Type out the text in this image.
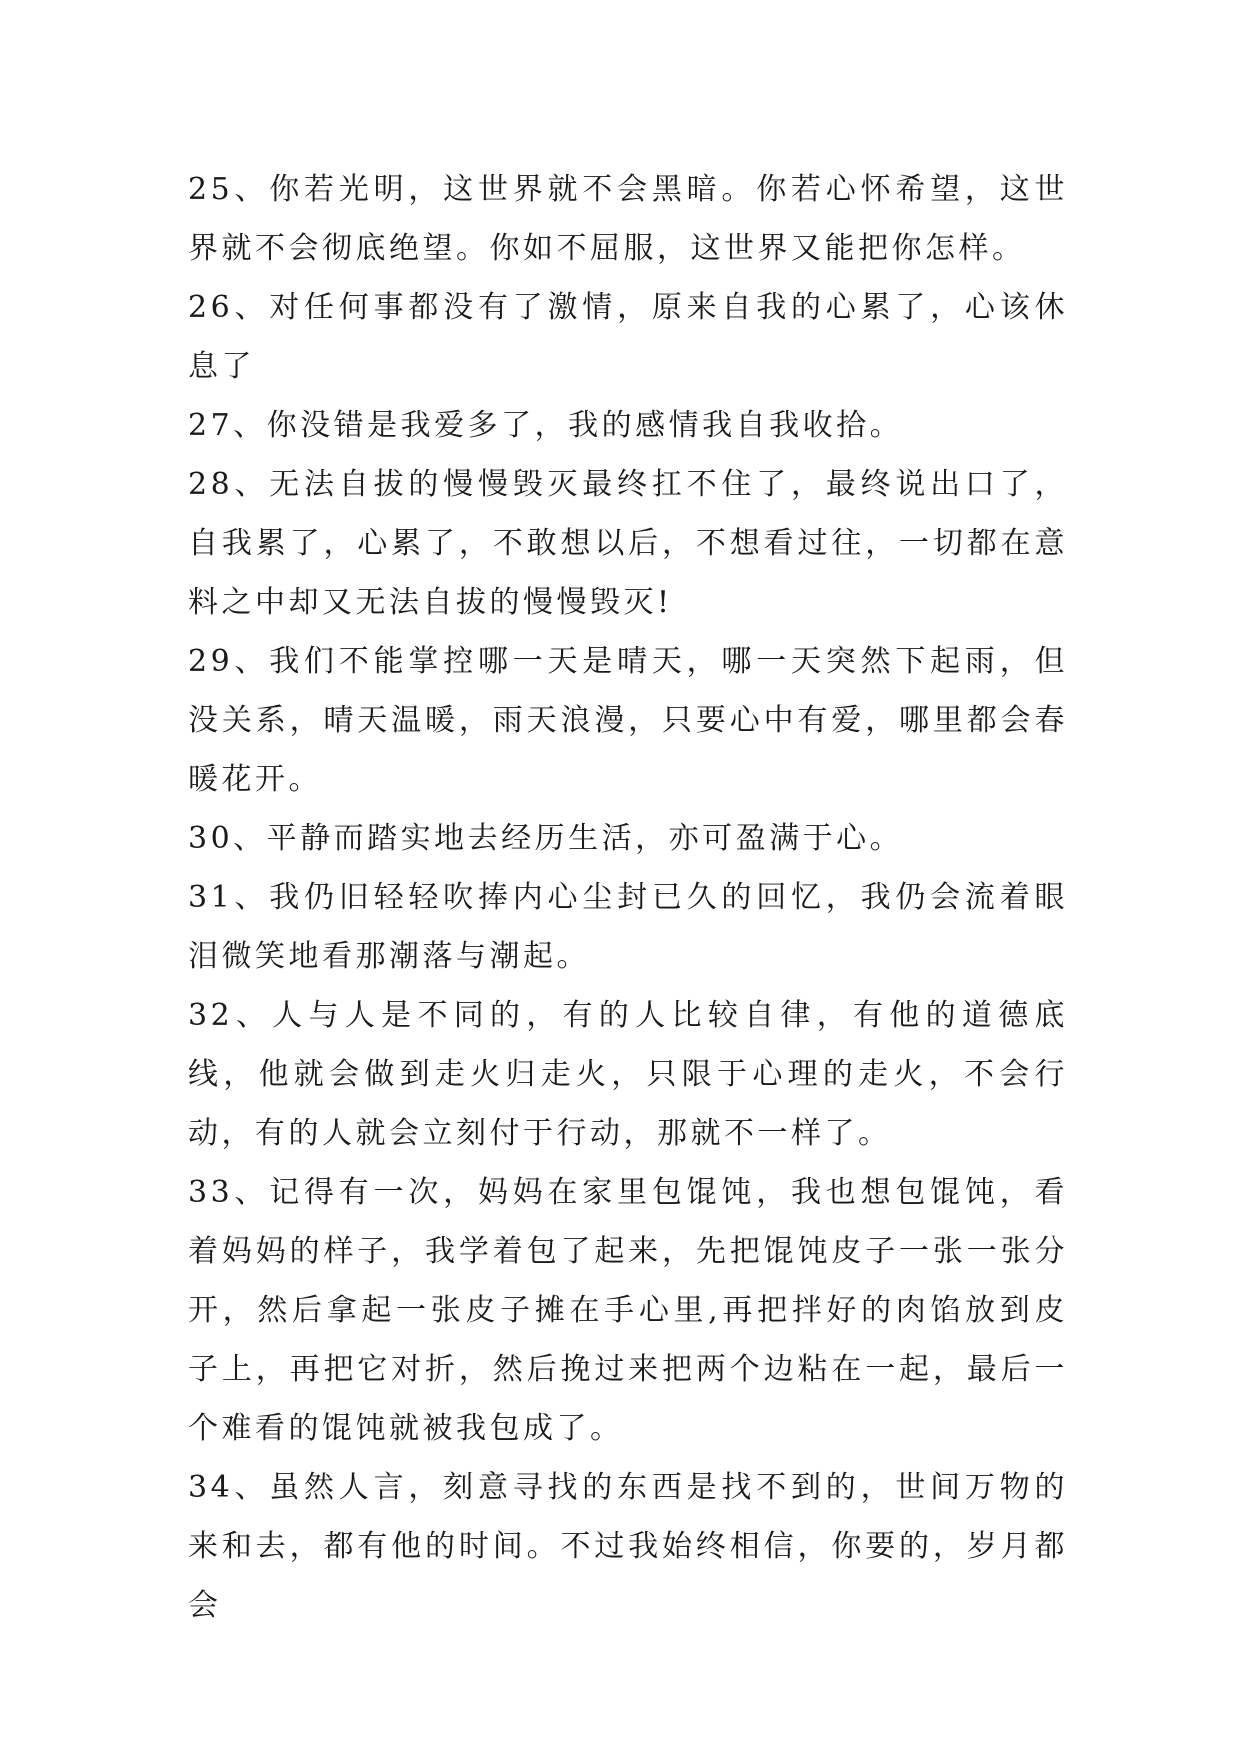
25、你若光明，这世界就不会黑暗。你若心怀希望，这世界就不会彻底绝望。你如不屈服，这世界又能把你怎样。

26、对任何事都没有了激情，原来自我的心累了，心该休息了

27、你没错是我爱多了，我的感情我自我收拾。

28、无法自拔的慢慢毁灭最终扛不住了，最终说出口了，自我累了，心累了，不敢想以后，不想看过往，一切都在意料之中却又无法自拔的慢慢毁灭!

29、我们不能掌控哪一天是晴天，哪一天突然下起雨，但没关系，晴天温暖，雨天浪漫，只要心中有爱，哪里都会春暖花开。

30、平静而踏实地去经历生活，亦可盈满于心。

31、我仍旧轻轻吹捧内心尘封已久的回忆，我仍会流着眼泪微笑地看那潮落与潮起。

32、人与人是不同的，有的人比较自律，有他的道德底线，他就会做到走火归走火，只限于心理的走火，不会行动，有的人就会立刻付于行动，那就不一样了。

33、记得有一次，妈妈在家里包馄饨，我也想包馄饨，看着妈妈的样子，我学着包了起来，先把馄饨皮子一张一张分开，然后拿起一张皮子摊在手心里,再把拌好的肉馅放到皮子上，再把它对折，然后挽过来把两个边粘在一起，最后一个难看的馄饨就被我包成了。

34、虽然人言，刻意寻找的东西是找不到的，世间万物的来和去，都有他的时间。不过我始终相信，你要的，岁月都会
